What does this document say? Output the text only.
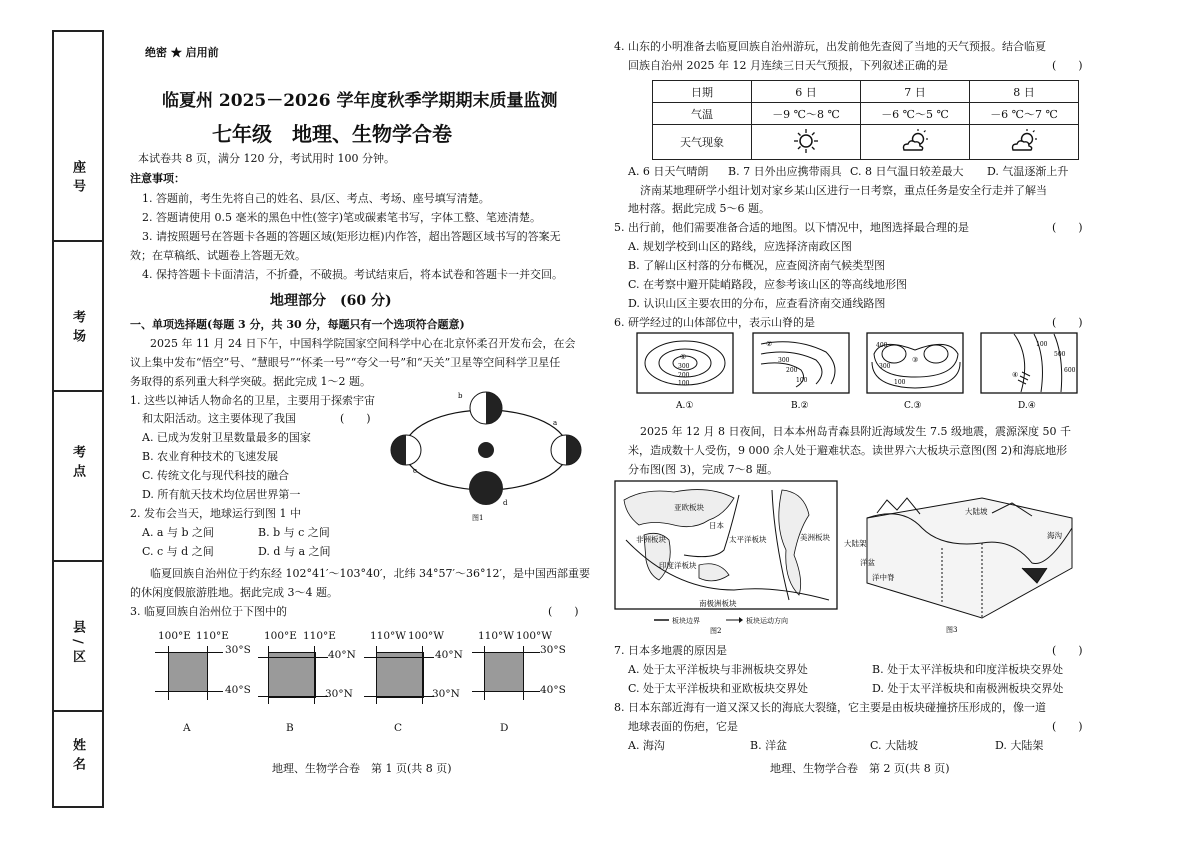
座号
考场
考点
县/区
姓名
绝密 ★ 启用前
临夏州 2025－2026 学年度秋季学期期末质量监测
七年级　地理、生物学合卷
本试卷共 8 页，满分 120 分，考试用时 100 分钟。
注意事项：
1. 答题前，考生先将自己的姓名、县/区、考点、考场、座号填写清楚。
2. 答题请使用 0.5 毫米的黑色中性(签字)笔或碳素笔书写，字体工整、笔迹清楚。
3. 请按照题号在答题卡各题的答题区域(矩形边框)内作答，超出答题区域书写的答案无
效；在草稿纸、试题卷上答题无效。
4. 保持答题卡卡面清洁，不折叠，不破损。考试结束后，将本试卷和答题卡一并交回。
地理部分　(60 分)
一、单项选择题(每题 3 分，共 30 分，每题只有一个选项符合题意)
2025 年 11 月 24 日下午，中国科学院国家空间科学中心在北京怀柔召开发布会，在会
议上集中发布“悟空”号、“慧眼号”“怀柔一号”“夸父一号”和“天关”卫星等空间科学卫星任
务取得的系列重大科学突破。据此完成 1～2 题。
1. 这些以神话人物命名的卫星，主要用于探索宇宙
和太阳活动。这主要体现了我国	(　　)
A. 已成为发射卫星数量最多的国家
B. 农业育种技术的飞速发展
C. 传统文化与现代科技的融合
D. 所有航天技术均位居世界第一
2. 发布会当天，地球运行到图 1 中
A. a 与 b 之间	B. b 与 c 之间
C. c 与 d 之间	D. d 与 a 之间
图1
a
b
c
d
临夏回族自治州位于约东经 102°41′～103°40′，北纬 34°57′～36°12′，是中国西部重要
的休闲度假旅游胜地。据此完成 3～4 题。
3. 临夏回族自治州位于下图中的	(　　)
100°E 110°E
30°S
40°S
A
100°E 110°E
40°N
30°N
B
110°W 100°W
40°N
30°N
C
110°W 100°W
30°S
40°S
D
地理、生物学合卷　第 1 页(共 8 页)
4. 山东的小明准备去临夏回族自治州游玩，出发前他先查阅了当地的天气预报。结合临夏
回族自治州 2025 年 12 月连续三日天气预报，下列叙述正确的是	(　　)
日期	6 日	7 日	8 日
气温	－9 ℃～8 ℃	－6 ℃～5 ℃	－6 ℃～7 ℃
天气现象			
A. 6 日天气晴朗 B. 7 日外出应携带雨具 C. 8 日气温日较差最大 D. 气温逐渐上升
济南某地理研学小组计划对家乡某山区进行一日考察，重点任务是安全行走并了解当
地村落。据此完成 5～6 题。
5. 出行前，他们需要准备合适的地图。以下情况中，地图选择最合理的是	(　　)
A. 规划学校到山区的路线，应选择济南政区图
B. 了解山区村落的分布概况，应查阅济南气候类型图
C. 在考察中避开陡峭路段，应参考该山区的等高线地形图
D. 认识山区主要农田的分布，应查看济南交通线路图
6. 研学经过的山体部位中，表示山脊的是	(　　)
①
300
200
100
A.①
②
300
200
100
B.②
③
400
300
100
C.③
④
100
500
600
D.④
2025 年 12 月 8 日夜间，日本本州岛青森县附近海域发生 7.5 级地震，震源深度 50 千
米，造成数十人受伤，9 000 余人处于避难状态。读世界六大板块示意图(图 2)和海底地形
分布图(图 3)，完成 7～8 题。
亚欧板块
非洲板块
印度洋板块
太平洋板块	美洲板块
南极洲板块
日本
板块边界	板块运动方向
图2
大陆坡
大陆架
海沟
洋盆
洋中脊
图3
7. 日本多地震的原因是	(　　)
A. 处于太平洋板块与非洲板块交界处	B. 处于太平洋板块和印度洋板块交界处
C. 处于太平洋板块和亚欧板块交界处	D. 处于太平洋板块和南极洲板块交界处
8. 日本东部近海有一道又深又长的海底大裂缝，它主要是由板块碰撞挤压形成的，像一道
地球表面的伤疤，它是	(　　)
A. 海沟	B. 洋盆	C. 大陆坡	D. 大陆架
地理、生物学合卷　第 2 页(共 8 页)
